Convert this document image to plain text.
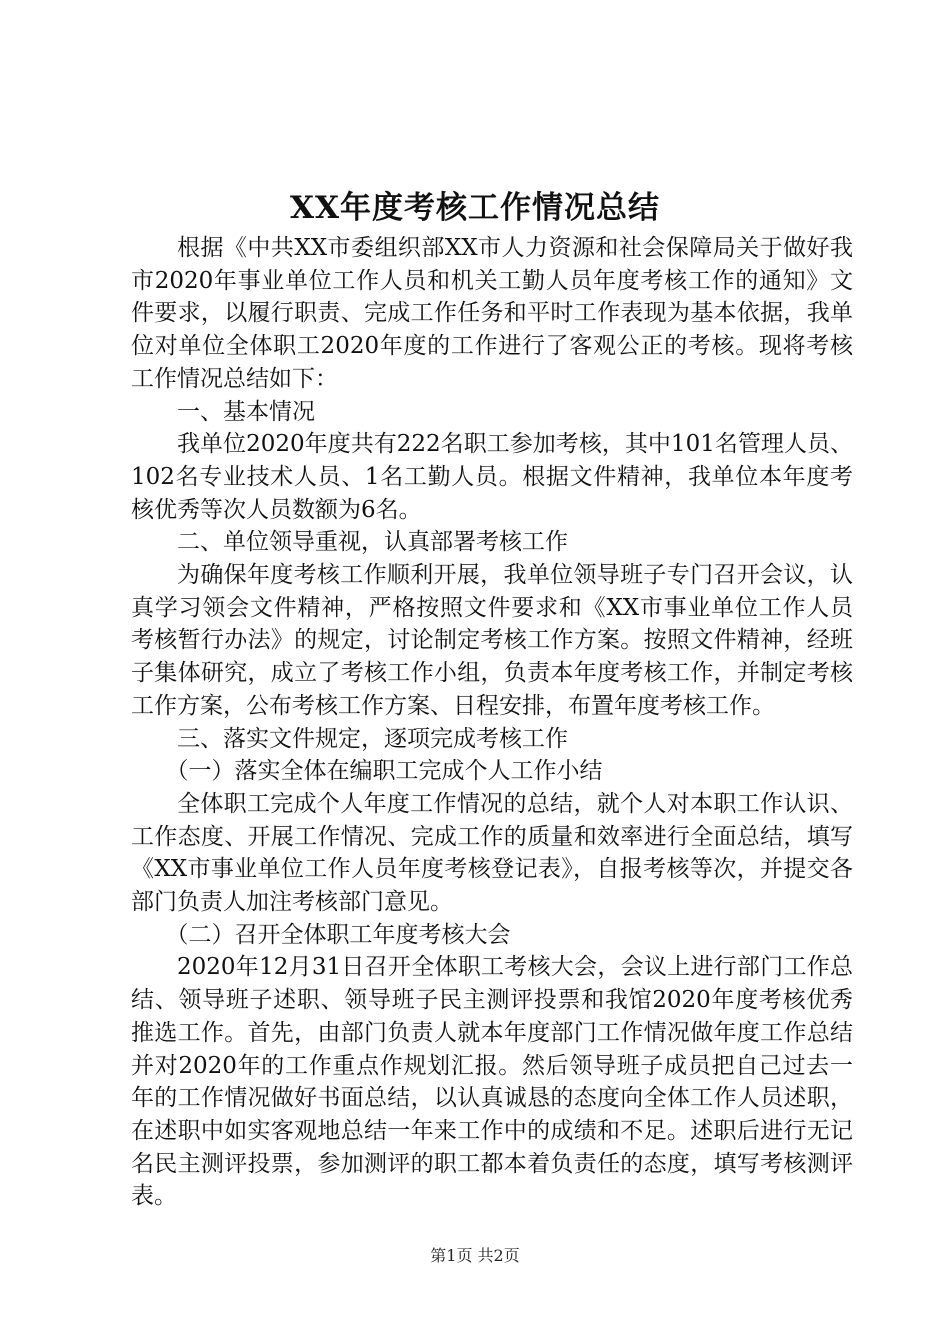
XX年度考核工作情况总结

根据《中共XX市委组织部XX市人力资源和社会保障局关于做好我市2020年事业单位工作人员和机关工勤人员年度考核工作的通知》文件要求，以履行职责、完成工作任务和平时工作表现为基本依据，我单位对单位全体职工2020年度的工作进行了客观公正的考核。现将考核工作情况总结如下：

一、基本情况

我单位2020年度共有222名职工参加考核，其中101名管理人员、102名专业技术人员、1名工勤人员。根据文件精神，我单位本年度考核优秀等次人员数额为6名。

二、单位领导重视，认真部署考核工作

为确保年度考核工作顺利开展，我单位领导班子专门召开会议，认真学习领会文件精神，严格按照文件要求和《XX市事业单位工作人员考核暂行办法》的规定，讨论制定考核工作方案。按照文件精神，经班子集体研究，成立了考核工作小组，负责本年度考核工作，并制定考核工作方案，公布考核工作方案、日程安排，布置年度考核工作。

三、落实文件规定，逐项完成考核工作

（一）落实全体在编职工完成个人工作小结

全体职工完成个人年度工作情况的总结，就个人对本职工作认识、工作态度、开展工作情况、完成工作的质量和效率进行全面总结，填写《XX市事业单位工作人员年度考核登记表》，自报考核等次，并提交各部门负责人加注考核部门意见。

（二）召开全体职工年度考核大会

2020年12月31日召开全体职工考核大会，会议上进行部门工作总结、领导班子述职、领导班子民主测评投票和我馆2020年度考核优秀推选工作。首先，由部门负责人就本年度部门工作情况做年度工作总结并对2020年的工作重点作规划汇报。然后领导班子成员把自己过去一年的工作情况做好书面总结，以认真诚恳的态度向全体工作人员述职，在述职中如实客观地总结一年来工作中的成绩和不足。述职后进行无记名民主测评投票，参加测评的职工都本着负责任的态度，填写考核测评表。

第1页 共2页
